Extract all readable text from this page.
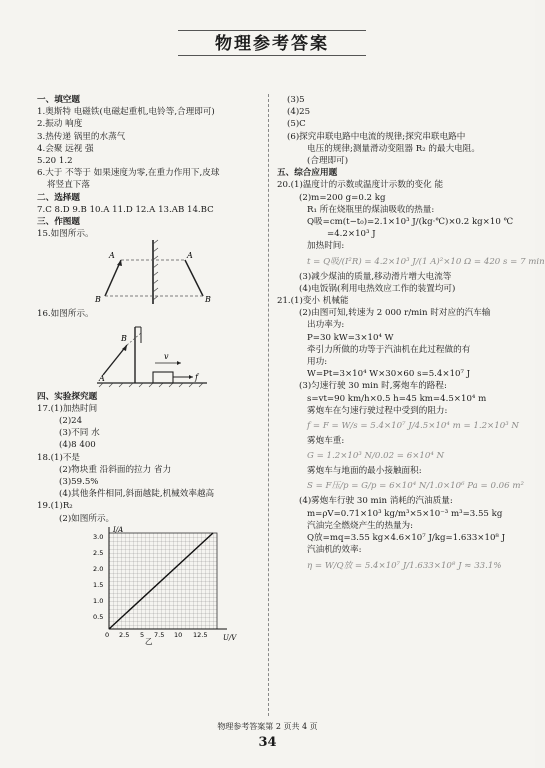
物理参考答案
一、填空题
1.奥斯特 电磁铁(电磁起重机,电铃等,合理即可)
2.振动 响度
3.热传递 锅里的水蒸气
4.会聚 远视 强
5.20 1.2
6.大于 不等于 如果速度为零,在重力作用下,皮球
将竖直下落
二、选择题
7.C 8.D 9.B 10.A 11.D 12.A 13.AB 14.BC
三、作图题
15.如图所示。
A	A
B	B
16.如图所示。
A
B
v
f
四、实验探究题
17.(1)加热时间
(2)24
(3)不同 水
(4)8 400
18.(1)不是
(2)物块重 沿斜面的拉力 省力
(3)59.5%
(4)其他条件相同,斜面越陡,机械效率越高
19.(1)R₂
(2)如图所示。
I/A
U/V
3.0
2.5
2.0
1.5
1.0
0.5
0 2.5 5 7.5 10 12.5
乙
(3)5
(4)25
(5)C
(6)探究串联电路中电流的规律;探究串联电路中
电压的规律;测量滑动变阻器 R₂ 的最大电阻。
(合理即可)
五、综合应用题
20.(1)温度计的示数或温度计示数的变化 能
(2)m=200 g=0.2 kg
R₁ 所在烧瓶里的煤油吸收的热量:
Q吸=cm(t−t₀)=2.1×10³ J/(kg·℃)×0.2 kg×10 ℃
=4.2×10³ J
加热时间:
t = Q吸/(I²R) = 4.2×10³ J/(1 A)²×10 Ω = 420 s = 7 min
(3)减少煤油的质量,移动滑片增大电流等
(4)电饭锅(利用电热效应工作的装置均可)
21.(1)变小 机械能
(2)由图可知,转速为 2 000 r/min 时对应的汽车输
出功率为:
P=30 kW=3×10⁴ W
牵引力所做的功等于汽油机在此过程做的有
用功:
W=Pt=3×10⁴ W×30×60 s=5.4×10⁷ J
(3)匀速行驶 30 min 时,雾炮车的路程:
s=vt=90 km/h×0.5 h=45 km=4.5×10⁴ m
雾炮车在匀速行驶过程中受到的阻力:
f = F = W/s = 5.4×10⁷ J/4.5×10⁴ m = 1.2×10³ N
雾炮车重:
G = 1.2×10³ N/0.02 = 6×10⁴ N
雾炮车与地面的最小接触面积:
S = F压/p = G/p = 6×10⁴ N/1.0×10⁶ Pa = 0.06 m²
(4)雾炮车行驶 30 min 消耗的汽油质量:
m=ρV=0.71×10³ kg/m³×5×10⁻³ m³=3.55 kg
汽油完全燃烧产生的热量为:
Q放=mq=3.55 kg×4.6×10⁷ J/kg=1.633×10⁸ J
汽油机的效率:
η = W/Q放 = 5.4×10⁷ J/1.633×10⁸ J ≈ 33.1%
物理参考答案第 2 页共 4 页
34
